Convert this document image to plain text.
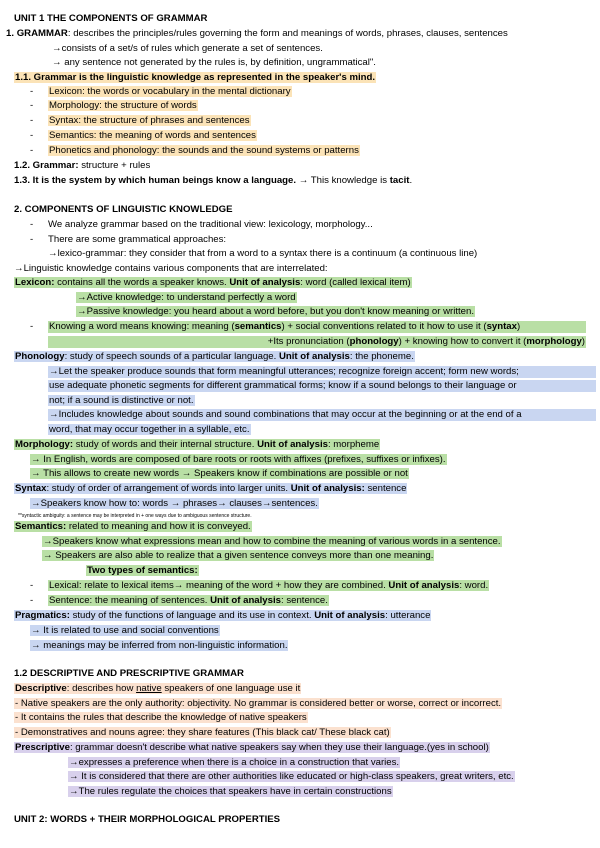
UNIT 1 THE COMPONENTS OF GRAMMAR
1. GRAMMAR: describes the principles/rules governing the form and meanings of words, phrases, clauses, sentences
→consists of a set/s of rules which generate a set of sentences.
→ any sentence not generated by the rules is, by definition, ungrammatical".
1.1. Grammar is the linguistic knowledge as represented in the speaker's mind.
- Lexicon: the words or vocabulary in the mental dictionary
- Morphology: the structure of words
- Syntax: the structure of phrases and sentences
- Semantics: the meaning of words and sentences
- Phonetics and phonology: the sounds and the sound systems or patterns
1.2. Grammar: structure + rules
1.3. It is the system by which human beings know a language. → This knowledge is tacit.
2. COMPONENTS OF LINGUISTIC KNOWLEDGE
- We analyze grammar based on the traditional view: lexicology, morphology...
- There are some grammatical approaches:
→lexico-grammar: they consider that from a word to a syntax there is a continuum (a continuous line)
→Linguistic knowledge contains various components that are interrelated:
Lexicon: contains all the words a speaker knows. Unit of analysis: word (called lexical item)
→Active knowledge: to understand perfectly a word
→Passive knowledge: you heard about a word before, but you don't know meaning or written.
- Knowing a word means knowing: meaning (semantics) + social conventions related to it how to use it (syntax)
+Its pronunciation (phonology) + knowing how to convert it (morphology)
Phonology: study of speech sounds of a particular language. Unit of analysis: the phoneme.
→Let the speaker produce sounds that form meaningful utterances; recognize foreign accent; form new words;
use adequate phonetic segments for different grammatical forms; know if a sound belongs to their language or
not; if a sound is distinctive or not.
→Includes knowledge about sounds and sound combinations that may occur at the beginning or at the end of a
word, that may occur together in a syllable, etc.
Morphology: study of words and their internal structure. Unit of analysis: morpheme
→ In English, words are composed of bare roots or roots with affixes (prefixes, suffixes or infixes).
→ This allows to create new words → Speakers know if combinations are possible or not
Syntax: study of order of arrangement of words into larger units. Unit of analysis: sentence
→Speakers know how to: words → phrases→ clauses→sentences.
**syntactic ambiguity: a sentence may be interpreted in + one ways due to ambiguous sentence structure.
Semantics: related to meaning and how it is conveyed.
→Speakers know what expressions mean and how to combine the meaning of various words in a sentence.
→ Speakers are also able to realize that a given sentence conveys more than one meaning.
Two types of semantics:
- Lexical: relate to lexical items→ meaning of the word + how they are combined. Unit of analysis: word.
- Sentence: the meaning of sentences. Unit of analysis: sentence.
Pragmatics: study of the functions of language and its use in context. Unit of analysis: utterance
→ It is related to use and social conventions
→ meanings may be inferred from non-linguistic information.
1.2 DESCRIPTIVE AND PRESCRIPTIVE GRAMMAR
Descriptive: describes how native speakers of one language use it
- Native speakers are the only authority: objectivity. No grammar is considered better or worse, correct or incorrect.
- It contains the rules that describe the knowledge of native speakers
- Demonstratives and nouns agree: they share features (This black cat/ These black cat)
Prescriptive: grammar doesn't describe what native speakers say when they use their language.(yes in school)
→expresses a preference when there is a choice in a construction that varies.
→ It is considered that there are other authorities like educated or high-class speakers, great writers, etc.
→The rules regulate the choices that speakers have in certain constructions
UNIT 2: WORDS + THEIR MORPHOLOGICAL PROPERTIES
